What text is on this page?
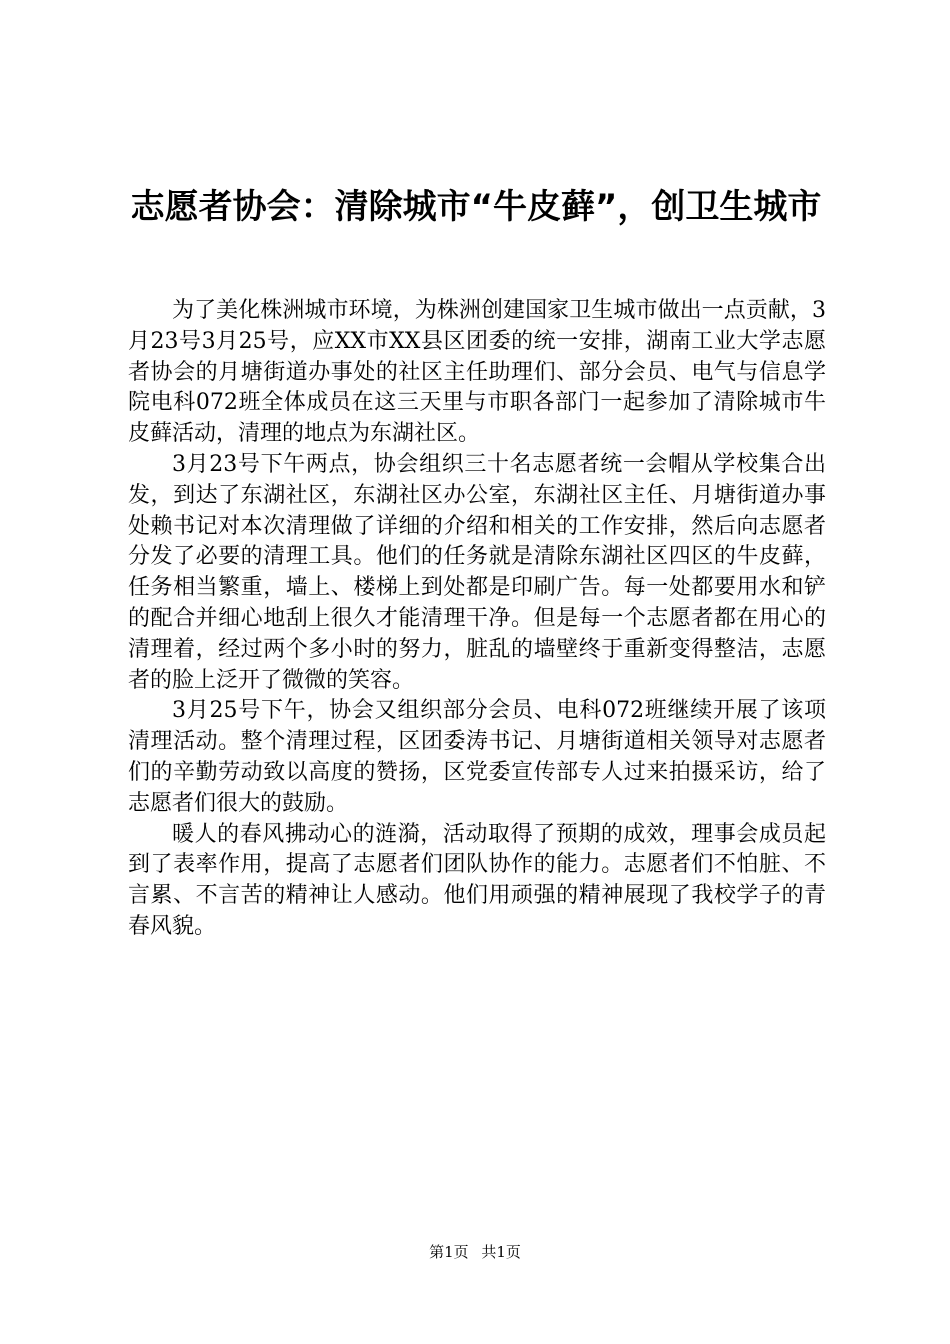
志愿者协会：清除城市“牛皮藓”，创卫生城市

为了美化株洲城市环境，为株洲创建国家卫生城市做出一点贡献，3月23号3月25号，应XX市XX县区团委的统一安排，湖南工业大学志愿者协会的月塘街道办事处的社区主任助理们、部分会员、电气与信息学院电科072班全体成员在这三天里与市职各部门一起参加了清除城市牛皮藓活动，清理的地点为东湖社区。

3月23号下午两点，协会组织三十名志愿者统一会帽从学校集合出发，到达了东湖社区，东湖社区办公室，东湖社区主任、月塘街道办事处赖书记对本次清理做了详细的介绍和相关的工作安排，然后向志愿者分发了必要的清理工具。他们的任务就是清除东湖社区四区的牛皮藓，任务相当繁重，墙上、楼梯上到处都是印刷广告。每一处都要用水和铲的配合并细心地刮上很久才能清理干净。但是每一个志愿者都在用心的清理着，经过两个多小时的努力，脏乱的墙壁终于重新变得整洁，志愿者的脸上泛开了微微的笑容。

3月25号下午，协会又组织部分会员、电科072班继续开展了该项清理活动。整个清理过程，区团委涛书记、月塘街道相关领导对志愿者们的辛勤劳动致以高度的赞扬，区党委宣传部专人过来拍摄采访，给了志愿者们很大的鼓励。

暖人的春风拂动心的涟漪，活动取得了预期的成效，理事会成员起到了表率作用，提高了志愿者们团队协作的能力。志愿者们不怕脏、不言累、不言苦的精神让人感动。他们用顽强的精神展现了我校学子的青春风貌。

第1页 共1页
